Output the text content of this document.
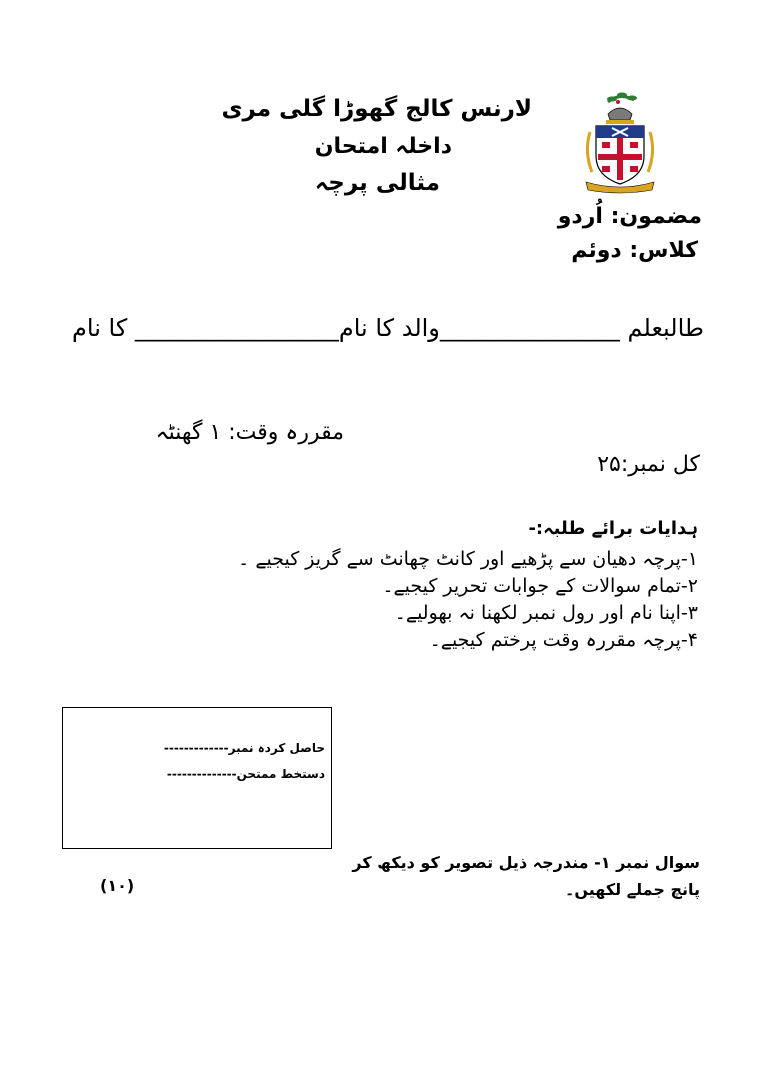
لارنس کالج گھوڑا گلی مری
داخلہ امتحان
مثالی پرچہ
مضمون: اُردو
کلاس: دوئم
طالبعلم _______________والد کا نام_________________ کا نام
مقررہ وقت: ۱ گھنٹہ
کل نمبر:۲۵
ہدایات برائے طلبہ:-
۱-پرچہ دھیان سے پڑھیے اور کانٹ چھانٹ سے گریز کیجیے ۔
۲-تمام سوالات کے جوابات تحریر کیجیے۔
۳-اپنا نام اور رول نمبر لکھنا نہ بھولیے۔
۴-پرچہ مقررہ وقت پرختم کیجیے۔
حاصل کردہ نمبر-------------
دستخط ممتحن--------------
سوال نمبر ۱- مندرجہ ذیل تصویر کو دیکھ کر پانچ جملے لکھیں۔
(۱۰)
